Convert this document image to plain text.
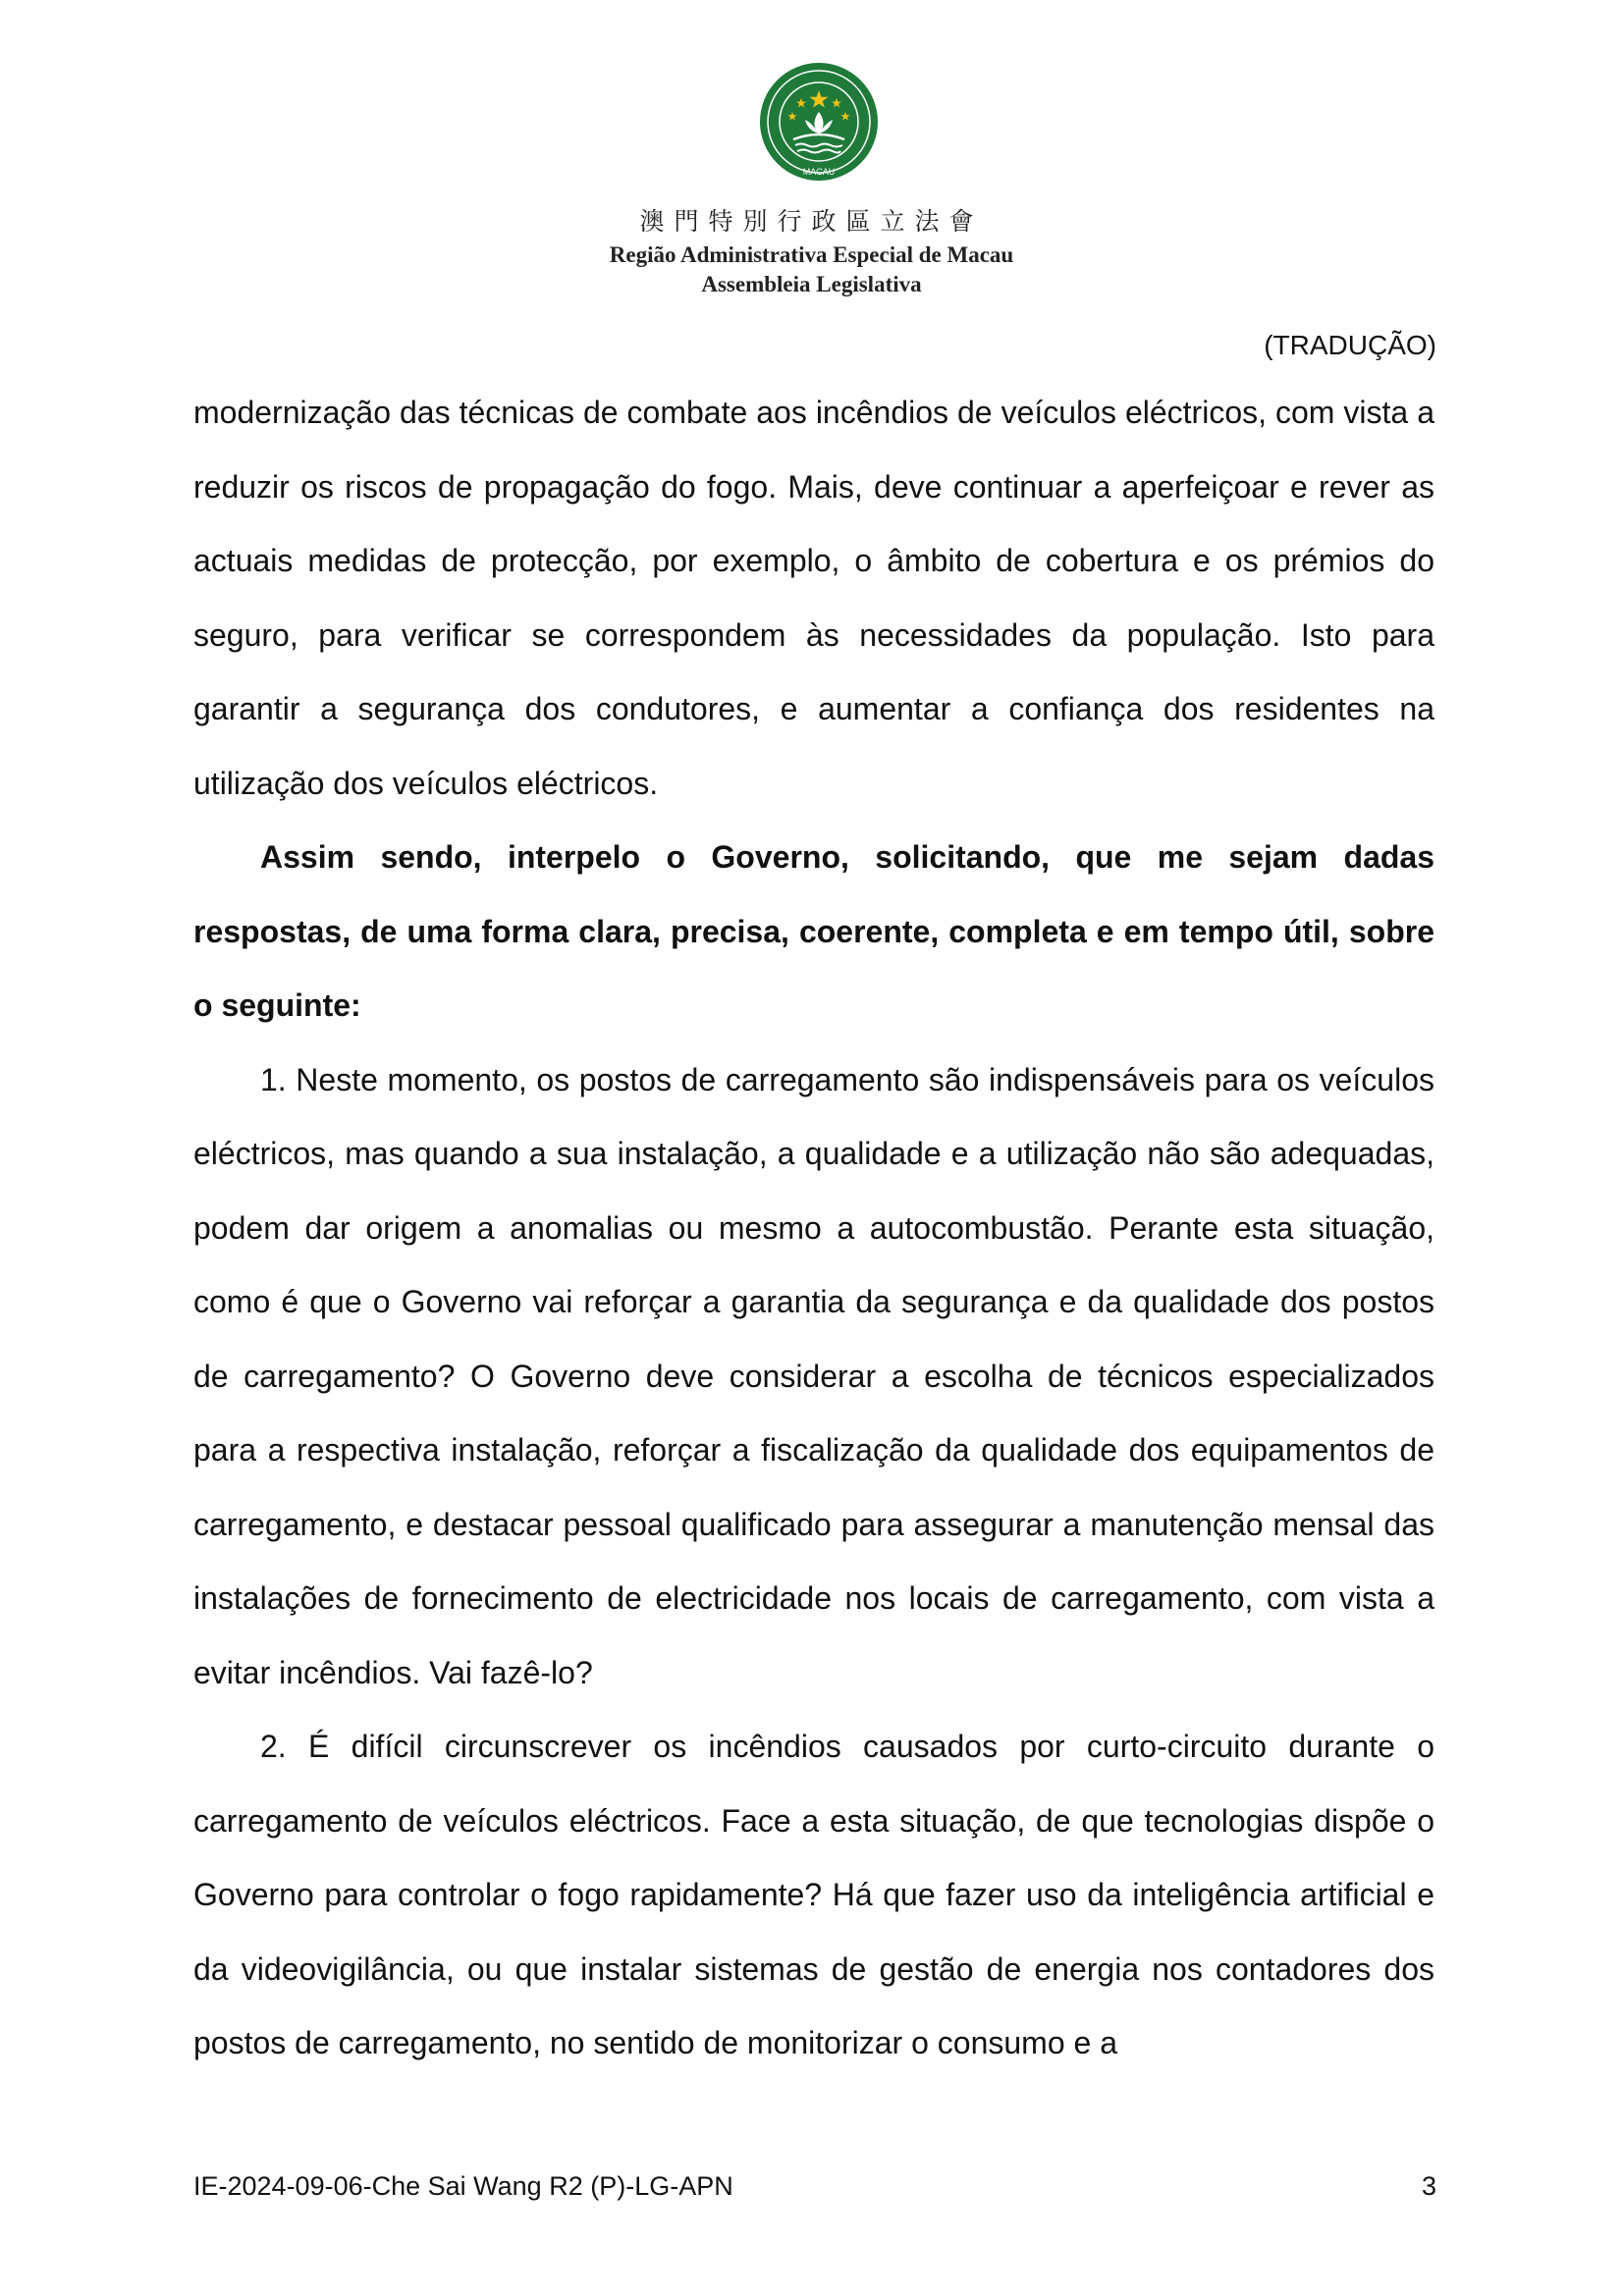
MACAU
澳門特別行政區立法會
Região Administrativa Especial de Macau
Assembleia Legislativa
(TRADUÇÃO)

modernização das técnicas de combate aos incêndios de veículos eléctricos, com vista a reduzir os riscos de propagação do fogo. Mais, deve continuar a aperfeiçoar e rever as actuais medidas de protecção, por exemplo, o âmbito de cobertura e os prémios do seguro, para verificar se correspondem às necessidades da população. Isto para garantir a segurança dos condutores, e aumentar a confiança dos residentes na utilização dos veículos eléctricos.

Assim sendo, interpelo o Governo, solicitando, que me sejam dadas respostas, de uma forma clara, precisa, coerente, completa e em tempo útil, sobre o seguinte:

1. Neste momento, os postos de carregamento são indispensáveis para os veículos eléctricos, mas quando a sua instalação, a qualidade e a utilização não são adequadas, podem dar origem a anomalias ou mesmo a autocombustão. Perante esta situação, como é que o Governo vai reforçar a garantia da segurança e da qualidade dos postos de carregamento? O Governo deve considerar a escolha de técnicos especializados para a respectiva instalação, reforçar a fiscalização da qualidade dos equipamentos de carregamento, e destacar pessoal qualificado para assegurar a manutenção mensal das instalações de fornecimento de electricidade nos locais de carregamento, com vista a evitar incêndios. Vai fazê-lo?

2. É difícil circunscrever os incêndios causados por curto-circuito durante o carregamento de veículos eléctricos. Face a esta situação, de que tecnologias dispõe o Governo para controlar o fogo rapidamente? Há que fazer uso da inteligência artificial e da videovigilância, ou que instalar sistemas de gestão de energia nos contadores dos postos de carregamento, no sentido de monitorizar o consumo e a

IE-2024-09-06-Che Sai Wang R2 (P)-LG-APN	3
